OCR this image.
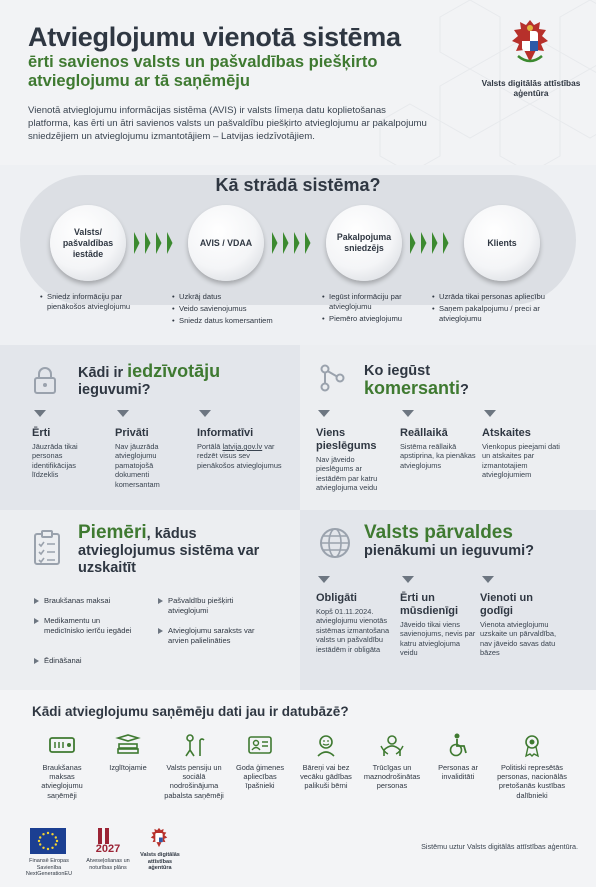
Atvieglojumu vienotā sistēma
ērti savienos valsts un pašvaldības piešķirto atvieglojumu ar tā saņēmēju
Vienotā atvieglojumu informācijas sistēma (AVIS) ir valsts līmeņa datu koplietošanas platforma, kas ērti un ātri savienos valsts un pašvaldību piešķirto atvieglojumu ar pakalpojumu sniedzējiem un atvieglojumu izmantotājiem – Latvijas iedzīvotājiem.
Valsts digitālās attīstības aģentūra
Kā strādā sistēma?
Valsts/ pašvaldības iestāde
AVIS / VDAA
Pakalpojuma sniedzējs
Klients
• Sniedz informāciju par pienākošos atvieglojumu
• Uzkrāj datus
• Veido savienojumus
• Sniedz datus komersantiem
• Iegūst informāciju par atvieglojumu
• Piemēro atvieglojumu
• Uzrāda tikai personas apliecību
• Saņem pakalpojumu / preci ar atvieglojumu
Kādi ir iedzīvotāju
ieguvumi?
Ērti
Jāuzrāda tikai personas identifikācijas līdzeklis
Privāti
Nav jāuzrāda atvieglojumu pamatojošā dokumenti komersantam
Informatīvi
Portālā latvija.gov.lv var redzēt visus sev pienākošos atvieglojumus
Ko iegūst
komersanti?
Viens pieslēgums
Nav jāveido pieslēgums ar iestādēm par katru atvieglojuma veidu
Reāllaikā
Sistēma reāllaikā apstiprina, ka pienākas atvieglojums
Atskaites
Vienkopus pieejami dati un atskaites par izmantotajiem atvieglojumiem
Piemēri, kādus atvieglojumus sistēma var uzskaitīt
Braukšanas maksai
Medikamentu un medicīnisko ierīču iegādei
Ēdināšanai
Pašvaldību piešķirti atvieglojumi
Atvieglojumu saraksts var arvien palielināties
Valsts pārvaldes
pienākumi un ieguvumi?
Obligāti
Kopš 01.11.2024. atvieglojumu vienotās sistēmas izmantošana valsts un pašvaldību iestādēm ir obligāta
Ērti un mūsdienīgi
Jāveido tikai viens savienojums, nevis par katru atvieglojuma veidu
Vienoti un godīgi
Vienota atvieglojumu uzskaite un pārvaldība, nav jāveido savas datu bāzes
Kādi atvieglojumu saņēmēju dati jau ir datubāzē?
Braukšanas maksas atvieglojumu saņēmēji
Izglītojamie	Valsts pensiju un sociālā nodrošinājuma pabalsta saņēmēji
Goda ģimenes apliecības īpašnieki
Bāreņi vai bez vecāku gādības palikuši bērni
Trūcīgas un maznodrošinātas personas
Personas ar invaliditāti
Politiski represētās personas, nacionālās pretošanās kustības dalībnieki
Finansē Eiropas Savienība NextGenerationEU
2027
Atveseļošanas un noturības plāns
Valsts digitālās attīstības aģentūra
Sistēmu uztur Valsts digitālās attīstības aģentūra.
